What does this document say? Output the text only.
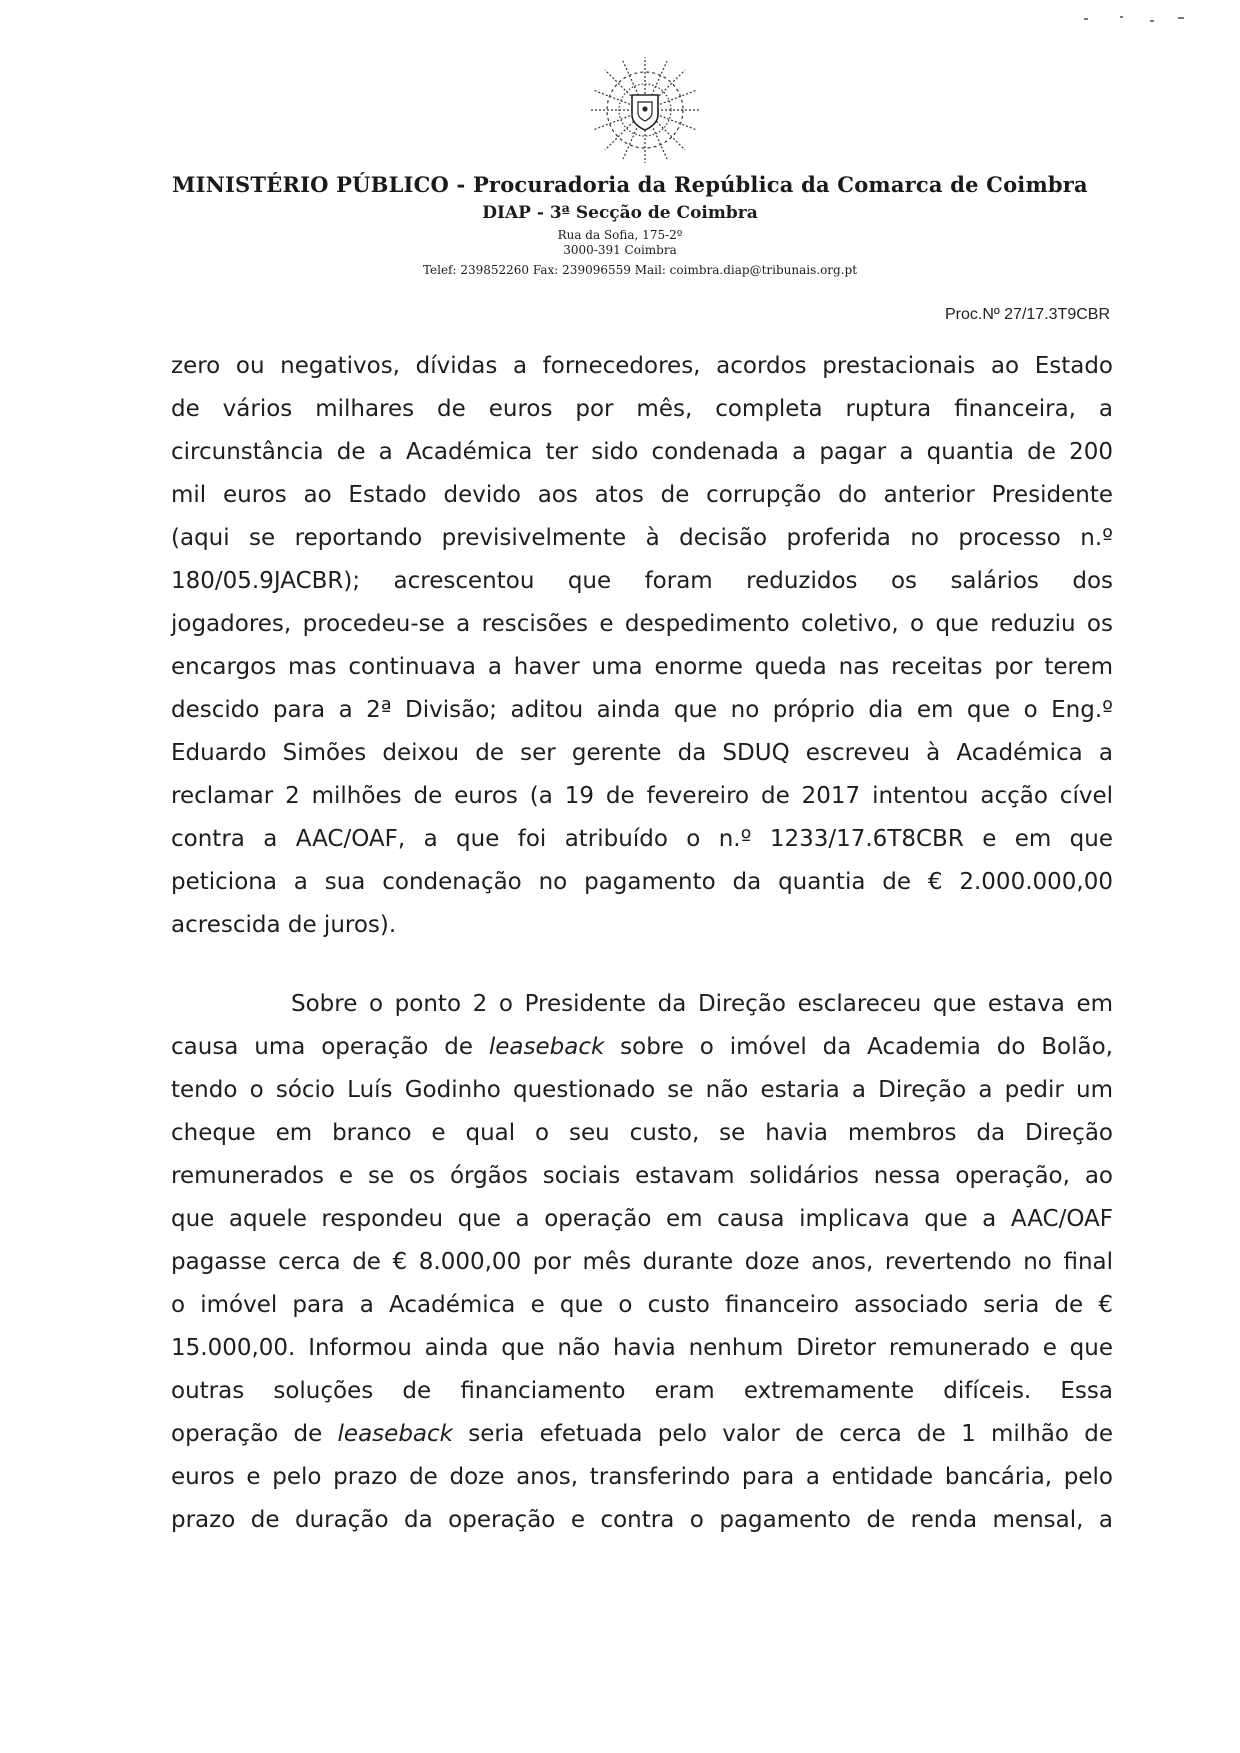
MINISTÉRIO PÚBLICO - Procuradoria da República da Comarca de Coimbra
DIAP - 3ª Secção de Coimbra
Rua da Sofia, 175-2º
3000-391 Coimbra
Telef: 239852260 Fax: 239096559 Mail: coimbra.diap@tribunais.org.pt
Proc.Nº 27/17.3T9CBR
zero ou negativos, dívidas a fornecedores, acordos prestacionais ao Estado
de vários milhares de euros por mês, completa ruptura financeira, a
circunstância de a Académica ter sido condenada a pagar a quantia de 200
mil euros ao Estado devido aos atos de corrupção do anterior Presidente
(aqui se reportando previsivelmente à decisão proferida no processo n.º
180/05.9JACBR); acrescentou que foram reduzidos os salários dos
jogadores, procedeu-se a rescisões e despedimento coletivo, o que reduziu os
encargos mas continuava a haver uma enorme queda nas receitas por terem
descido para a 2ª Divisão; aditou ainda que no próprio dia em que o Eng.º
Eduardo Simões deixou de ser gerente da SDUQ escreveu à Académica a
reclamar 2 milhões de euros (a 19 de fevereiro de 2017 intentou acção cível
contra a AAC/OAF, a que foi atribuído o n.º 1233/17.6T8CBR e em que
peticiona a sua condenação no pagamento da quantia de € 2.000.000,00
acrescida de juros).
Sobre o ponto 2 o Presidente da Direção esclareceu que estava em
causa uma operação de leaseback sobre o imóvel da Academia do Bolão,
tendo o sócio Luís Godinho questionado se não estaria a Direção a pedir um
cheque em branco e qual o seu custo, se havia membros da Direção
remunerados e se os órgãos sociais estavam solidários nessa operação, ao
que aquele respondeu que a operação em causa implicava que a AAC/OAF
pagasse cerca de € 8.000,00 por mês durante doze anos, revertendo no final
o imóvel para a Académica e que o custo financeiro associado seria de €
15.000,00. Informou ainda que não havia nenhum Diretor remunerado e que
outras soluções de financiamento eram extremamente difíceis. Essa
operação de leaseback seria efetuada pelo valor de cerca de 1 milhão de
euros e pelo prazo de doze anos, transferindo para a entidade bancária, pelo
prazo de duração da operação e contra o pagamento de renda mensal, a
